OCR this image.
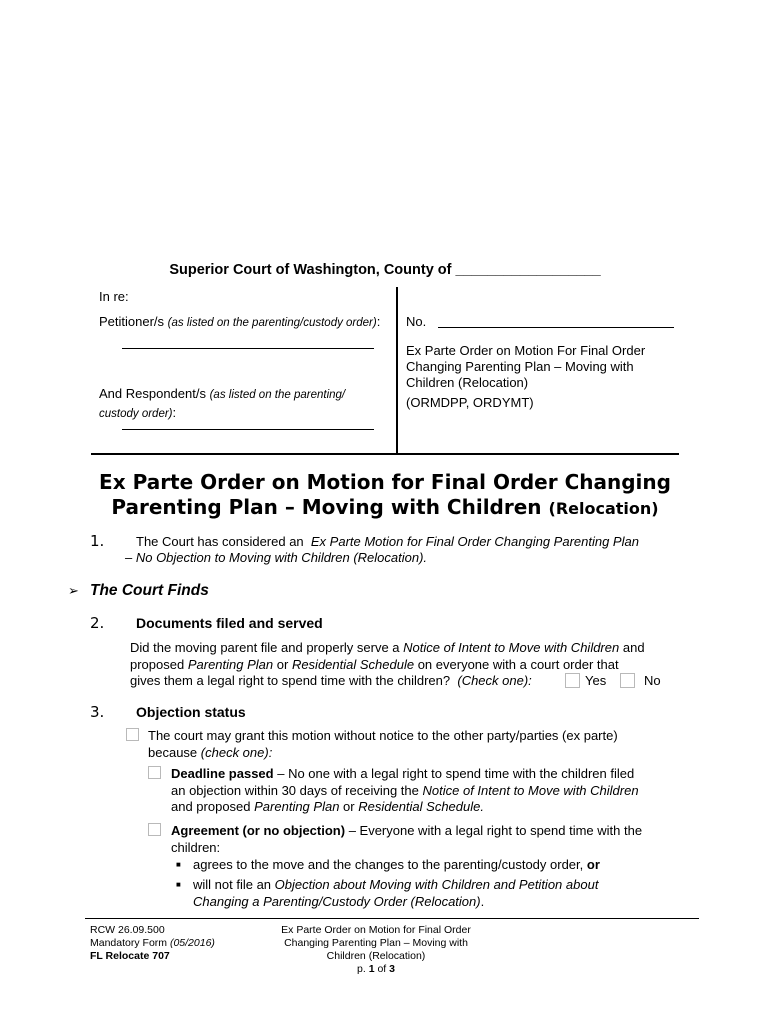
Superior Court of Washington, County of __________________
In re:
Petitioner/s (as listed on the parenting/custody order):
And Respondent/s (as listed on the parenting/
custody order):
No.
Ex Parte Order on Motion For Final Order
Changing Parenting Plan – Moving with
Children (Relocation)
(ORMDPP, ORDYMT)
Ex Parte Order on Motion for Final Order Changing
Parenting Plan – Moving with Children (Relocation)
1. The Court has considered an Ex Parte Motion for Final Order Changing Parenting Plan
– No Objection to Moving with Children (Relocation).
➢ The Court Finds
2. Documents filed and served
Did the moving parent file and properly serve a Notice of Intent to Move with Children and
proposed Parenting Plan or Residential Schedule on everyone with a court order that
gives them a legal right to spend time with the children? (Check one):	Yes	No
3. Objection status
The court may grant this motion without notice to the other party/parties (ex parte)
because (check one):
Deadline passed – No one with a legal right to spend time with the children filed
an objection within 30 days of receiving the Notice of Intent to Move with Children
and proposed Parenting Plan or Residential Schedule.
Agreement (or no objection) – Everyone with a legal right to spend time with the
children:
■ agrees to the move and the changes to the parenting/custody order, or
■ will not file an Objection about Moving with Children and Petition about
Changing a Parenting/Custody Order (Relocation).
RCW 26.09.500
Mandatory Form (05/2016)
FL Relocate 707
Ex Parte Order on Motion for Final Order
Changing Parenting Plan – Moving with
Children (Relocation)
p. 1 of 3
